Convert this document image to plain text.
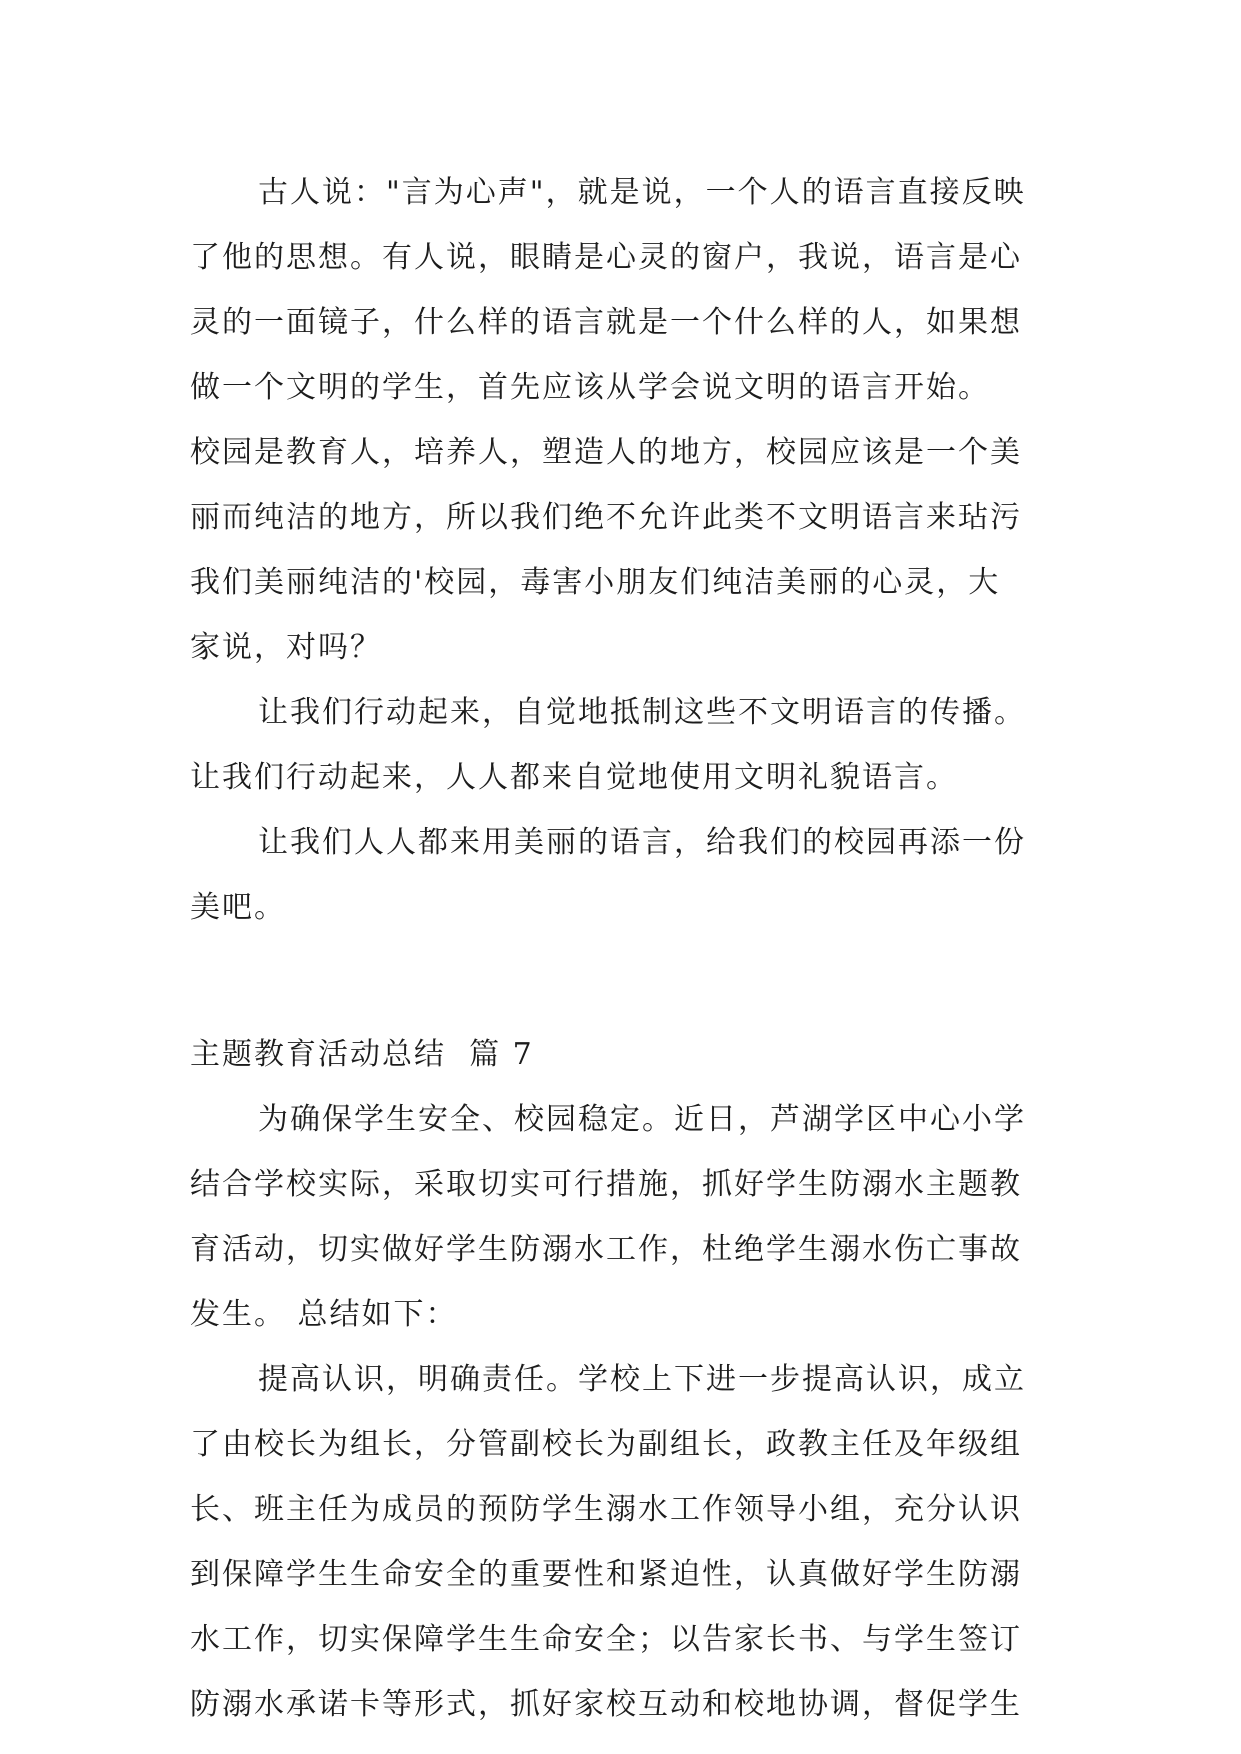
古人说："言为心声"，就是说，一个人的语言直接反映
了他的思想。有人说，眼睛是心灵的窗户，我说，语言是心
灵的一面镜子，什么样的语言就是一个什么样的人，如果想
做一个文明的学生，首先应该从学会说文明的语言开始。
校园是教育人，培养人，塑造人的地方，校园应该是一个美
丽而纯洁的地方，所以我们绝不允许此类不文明语言来玷污
我们美丽纯洁的'校园，毒害小朋友们纯洁美丽的心灵，大
家说，对吗？
让我们行动起来，自觉地抵制这些不文明语言的传播。
让我们行动起来，人人都来自觉地使用文明礼貌语言。
让我们人人都来用美丽的语言，给我们的校园再添一份
美吧。
主题教育活动总结  篇 7
为确保学生安全、校园稳定。近日，芦湖学区中心小学
结合学校实际，采取切实可行措施，抓好学生防溺水主题教
育活动，切实做好学生防溺水工作，杜绝学生溺水伤亡事故
发生。 总结如下：
提高认识，明确责任。学校上下进一步提高认识，成立
了由校长为组长，分管副校长为副组长，政教主任及年级组
长、班主任为成员的预防学生溺水工作领导小组，充分认识
到保障学生生命安全的重要性和紧迫性，认真做好学生防溺
水工作，切实保障学生生命安全；以告家长书、与学生签订
防溺水承诺卡等形式，抓好家校互动和校地协调，督促学生
